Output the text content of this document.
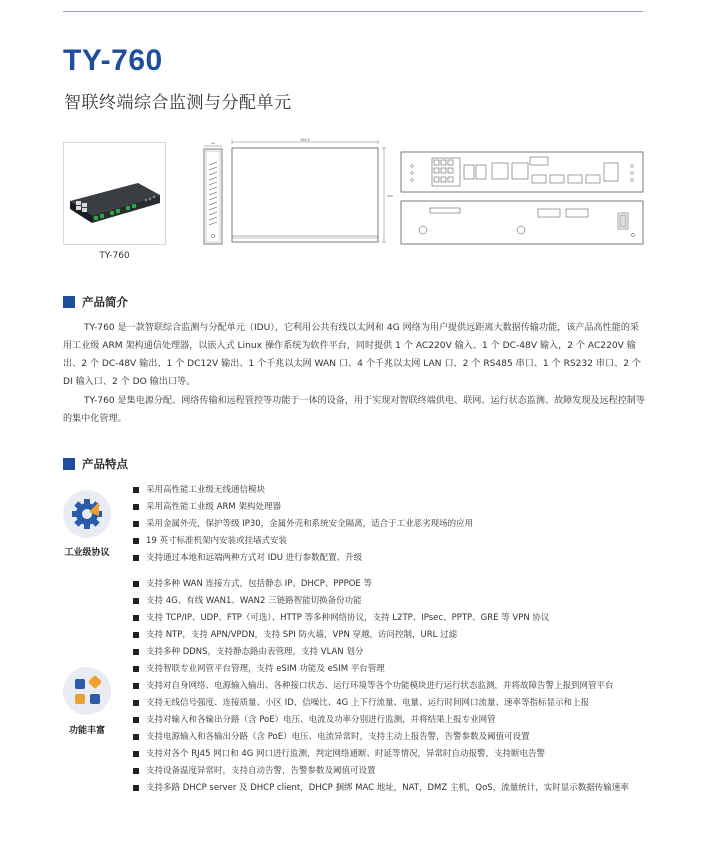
TY-760
智联终端综合监测与分配单元
TY-760
44
482.6
300
产品简介

TY-760 是一款智联综合监测与分配单元（IDU），它利用公共有线以太网和 4G 网络为用户提供远距离大数据传输功能，该产品高性能的采用工业级 ARM 架构通信处理器，以嵌入式 Linux 操作系统为软件平台，同时提供 1 个 AC220V 输入、1 个 DC-48V 输入，2 个 AC220V 输出、2 个 DC-48V 输出、1 个 DC12V 输出、1 个千兆以太网 WAN 口、4 个千兆以太网 LAN 口、2 个 RS485 串口、1 个 RS232 串口、2 个 DI 输入口、2 个 DO 输出口等。

TY-760 是集电源分配、网络传输和远程管控等功能于一体的设备，用于实现对智联终端供电、联网、运行状态监测、故障发现及远程控制等的集中化管理。

产品特点
工业级协议
采用高性能工业级无线通信模块
采用高性能工业级 ARM 架构处理器
采用金属外壳，保护等级 IP30，金属外壳和系统安全隔离，适合于工业恶劣现场的应用
19 英寸标准机架内安装或挂墙式安装
支持通过本地和远端两种方式对 IDU 进行参数配置、升级
功能丰富
支持多种 WAN 连接方式，包括静态 IP、DHCP、PPPOE 等
支持 4G、有线 WAN1、WAN2 三链路智能切换备份功能
支持 TCP/IP、UDP、FTP（可选）、HTTP 等多种网络协议，支持 L2TP、IPsec、PPTP、GRE 等 VPN 协议
支持 NTP，支持 APN/VPDN，支持 SPI 防火墙，VPN 穿越，访问控制，URL 过滤
支持多种 DDNS，支持静态路由表管理，支持 VLAN 划分
支持智联专业网管平台管理，支持 eSIM 功能及 eSIM 平台管理
支持对自身网络、电源输入输出、各种接口状态、运行环境等各个功能模块进行运行状态监测，并将故障告警上报到网管平台
支持无线信号强度、连接质量、小区 ID、信噪比、4G 上下行流量、电量、运行时间网口流量、速率等指标显示和上报
支持对输入和各输出分路（含 PoE）电压、电流及功率分别进行监测，并将结果上报专业网管
支持电源输入和各输出分路（含 PoE）电压、电流异常时，支持主动上报告警，告警参数及阈值可设置
支持对各个 RJ45 网口和 4G 网口进行监测，判定网络通断、时延等情况，异常时自动报警，支持断电告警
支持设备温度异常时，支持自动告警，告警参数及阈值可设置
支持多路 DHCP server 及 DHCP client，DHCP 捆绑 MAC 地址，NAT，DMZ 主机，QoS，流量统计，实时显示数据传输速率
